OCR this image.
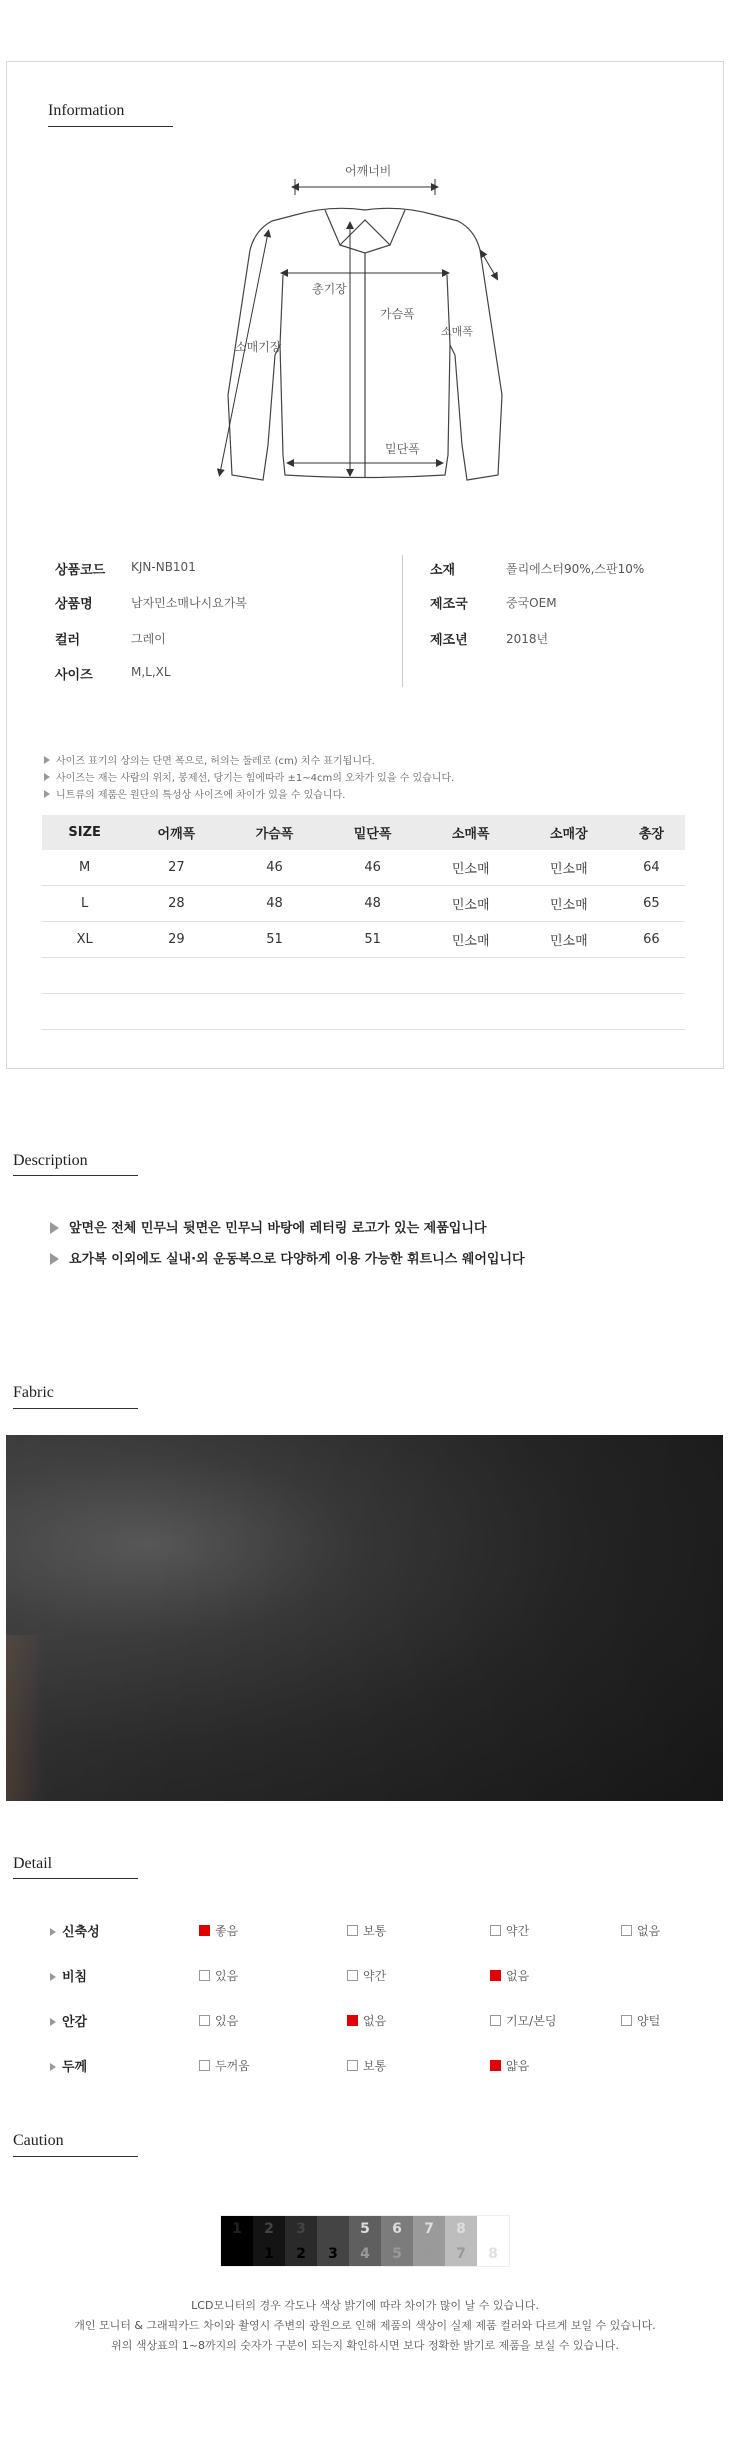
Information
어깨너비
총기장
가슴폭
소매폭
소매기장
밑단폭
상품코드 KJN-NB101
상품명	남자민소매나시요가복
컬러	그레이
사이즈	M,L,XL
소재	폴리에스터90%,스판10%
제조국	중국OEM
제조년	2018년
사이즈 표기의 상의는 단면 폭으로, 허의는 둘레로 (cm) 치수 표기됩니다.
사이즈는 재는 사람의 위치, 봉제선, 당기는 힘에따라 ±1~4cm의 오차가 있을 수 있습니다.
니트류의 제품은 원단의 특성상 사이즈에 차이가 있을 수 있습니다.
SIZE	어깨폭	가슴폭	밑단폭	소매폭	소매장	총장
M	27	46	46	민소매	민소매	64
L	28	48	48	민소매	민소매	65
XL	29	51	51	민소매	민소매	66

Description
앞면은 전체 민무늬 뒷면은 민무늬 바탕에 레터링 로고가 있는 제품입니다
요가복 이외에도 실내·외 운동복으로 다양하게 이용 가능한 휘트니스 웨어입니다
Fabric
Detail
신축성	좋음	보통	약간	없음
비침	있음	약간	없음
안감	있음	없음	기모/본딩	양털
두께	두꺼움	보통	얇음
Caution
1	2
1
3
2
4
3
5
4
6
5
7
6
8
7	8
LCD모니터의 경우 각도나 색상 밝기에 따라 차이가 많이 날 수 있습니다.
개인 모니터 & 그래픽카드 차이와 촬영시 주변의 광원으로 인해 제품의 색상이 실제 제품 컬러와 다르게 보일 수 있습니다.
위의 색상표의 1~8까지의 숫자가 구분이 되는지 확인하시면 보다 정확한 밝기로 제품을 보실 수 있습니다.
